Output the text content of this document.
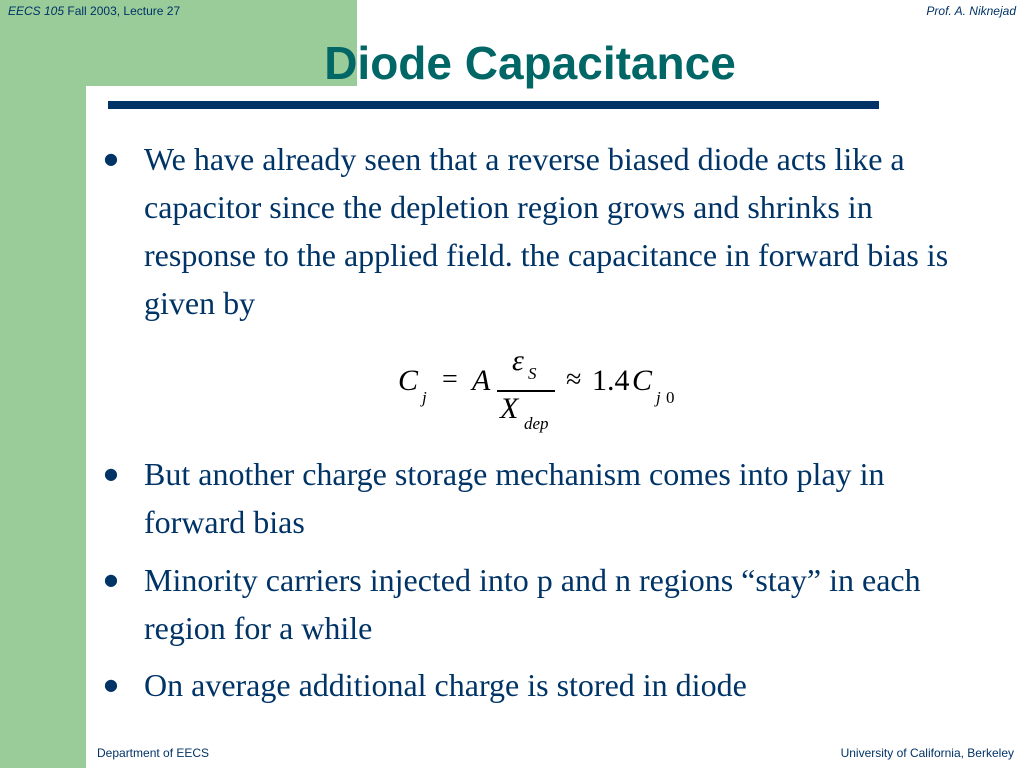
EECS 105 Fall 2003, Lecture 27	Prof. A. Niknejad
Diode Capacitance
● We have already seen that a reverse biased diode acts like a capacitor since the depletion region grows and shrinks in response to the applied field. the capacitance in forward bias is given by
C
j
= A
ε S
X dep
≈ 1.4 C
j 0
● But another charge storage mechanism comes into play in forward bias
● Minority carriers injected into p and n regions “stay” in each region for a while
● On average additional charge is stored in diode
Department of EECS	University of California, Berkeley
